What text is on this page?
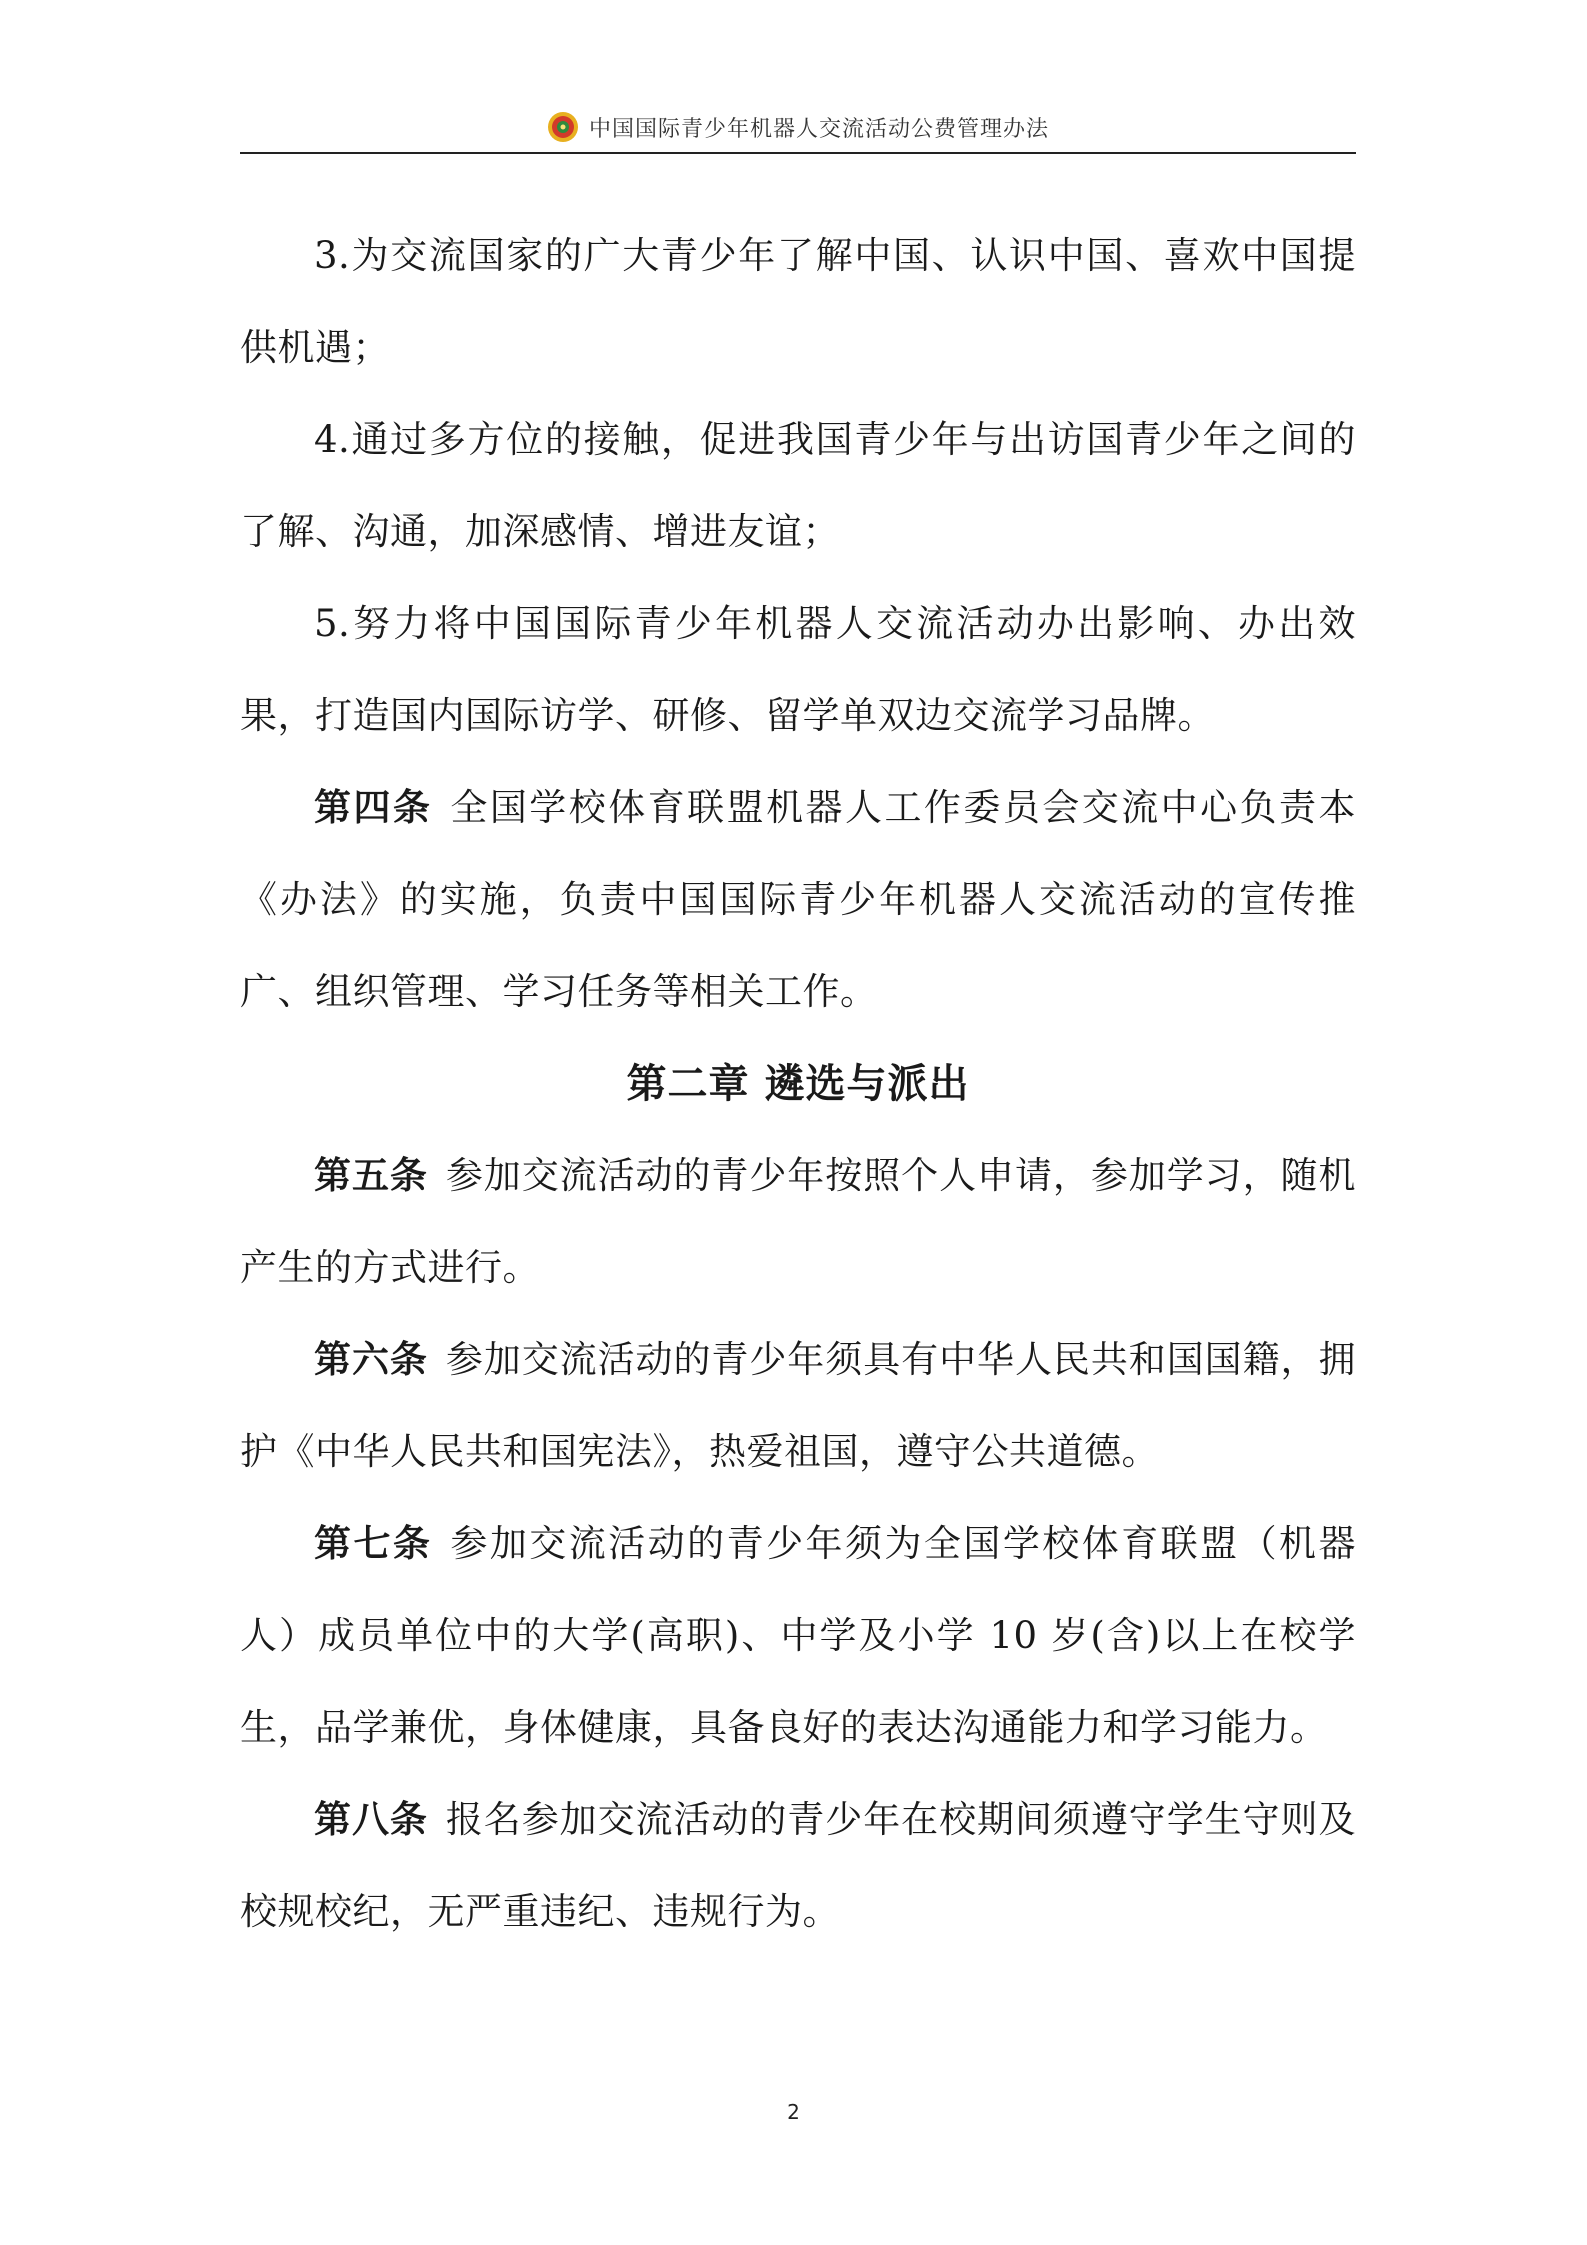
中国国际青少年机器人交流活动公费管理办法

3.为交流国家的广大青少年了解中国、认识中国、喜欢中国提供机遇；

4.通过多方位的接触，促进我国青少年与出访国青少年之间的了解、沟通，加深感情、增进友谊；

5.努力将中国国际青少年机器人交流活动办出影响、办出效果，打造国内国际访学、研修、留学单双边交流学习品牌。

第四条 全国学校体育联盟机器人工作委员会交流中心负责本《办法》的实施，负责中国国际青少年机器人交流活动的宣传推广、组织管理、学习任务等相关工作。

第二章 遴选与派出

第五条 参加交流活动的青少年按照个人申请，参加学习，随机产生的方式进行。

第六条 参加交流活动的青少年须具有中华人民共和国国籍，拥护《中华人民共和国宪法》，热爱祖国，遵守公共道德。

第七条 参加交流活动的青少年须为全国学校体育联盟（机器人）成员单位中的大学(高职)、中学及小学 10 岁(含)以上在校学生，品学兼优，身体健康，具备良好的表达沟通能力和学习能力。

第八条 报名参加交流活动的青少年在校期间须遵守学生守则及校规校纪，无严重违纪、违规行为。

2
